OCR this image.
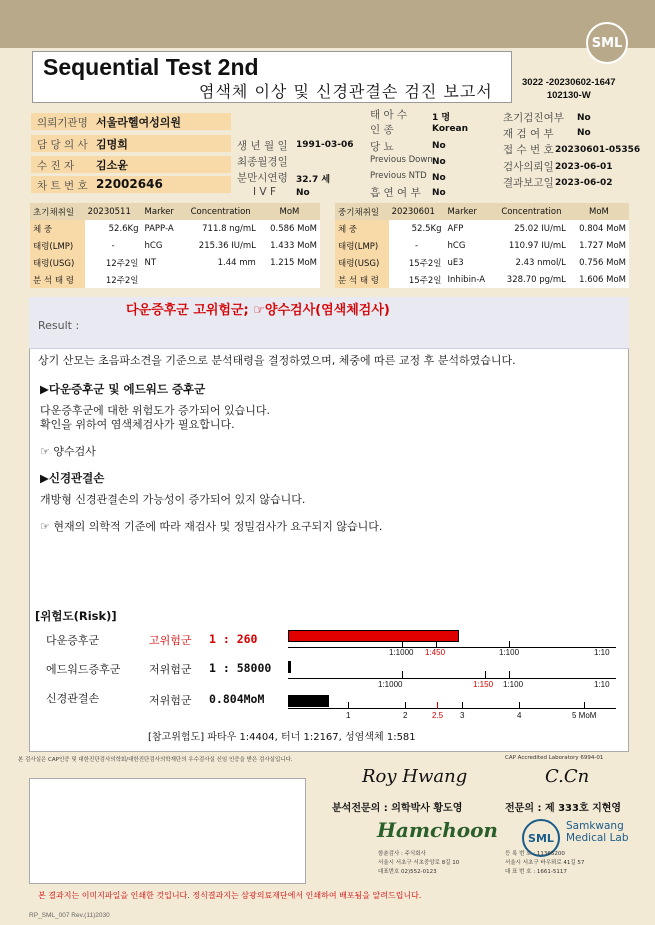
SML
Sequential Test 2nd
염색체 이상 및 신경관결손 검진 보고서	3022 -20230602-1647
102130-W
의뢰기관명 서울라헬여성의원
담 당 의 사 김명희
수 진 자 김소윤
차 트 번 호 22002646
생 년 월 일 1991-03-06
최종월경일
분만시연령 32.7 세
I V F No
태 아 수	1 명
인 종	Korean
당 뇨	No
Previous Down No
Previous NTD No
흡 연 여 부 No
초기검진여부 No
재 검 여 부	No
접 수 번 호 20230601-05356
검사의뢰일 2023-06-01
결과보고일 2023-06-02
초기채취일	20230511	Marker	Concentration	MoM
체 중	52.6Kg	PAPP-A	711.8 ng/mL	0.586 MoM
태령(LMP)	-	hCG	215.36 IU/mL	1.433 MoM
태령(USG)	12주2일	NT	1.44 mm	1.215 MoM
분 석 태 령	12주2일			
중기채취일	20230601	Marker	Concentration	MoM
체 중	52.5Kg	AFP	25.02 IU/mL	0.804 MoM
태령(LMP)	-	hCG	110.97 IU/mL	1.727 MoM
태령(USG)	15주2일	uE3	2.43 nmol/L	0.756 MoM
분 석 태 령	15주2일	Inhibin-A	328.70 pg/mL	1.606 MoM
Result :
다운증후군 고위험군; ☞양수검사(염색체검사)
상기 산모는 초음파소견을 기준으로 분석태령을 결정하였으며, 체중에 따른 교정 후 분석하였습니다.
▶다운증후군 및 에드워드 증후군
다운증후군에 대한 위험도가 증가되어 있습니다.
확인을 위하여 염색체검사가 필요합니다.
☞ 양수검사
▶신경관결손
개방형 신경관결손의 가능성이 증가되어 있지 않습니다.
☞ 현재의 의학적 기준에 따라 재검사 및 정밀검사가 요구되지 않습니다.
[위험도(Risk)]
다운증후군	고위험군 1 : 260
에드워드증후군	저위험군 1 : 58000
신경관결손	저위험군 0.804MoM
1:1000 1:450	1:100	1:10
1:1000	1:150 1:100	1:10
1	2	2.5 3	4	5 MoM
[참고위험도] 파타우 1:4404, 터너 1:2167, 성염색체 1:581
본 검사실은 CAP인증 및 대한진단검사의학회/대한진단검사의학재단의 우수검사실 신임 인증을 받은 검사실입니다.	CAP Accredited Laboratory 6994-01
Roy Hwang	C.Cn
분석전문의 : 의학박사 황도영	전문의 : 제 333호 지현영
Hamchoon	SML
Samkwang
Medical Lab
함춘검사 : 주식회사
서울시 서초구 서초중앙로 8길 10
대표번호 02)552-0123
등 록 번 호 : 11365200
서울시 서초구 바우뫼로 41길 57
대 표 번 호 : 1661-5117
본 결과지는 이미지파일을 인쇄한 것입니다. 정식결과지는 삼광의료재단에서 인쇄하여 배포됨을 알려드립니다.
RP_SML_007 Rev.(11)2030
